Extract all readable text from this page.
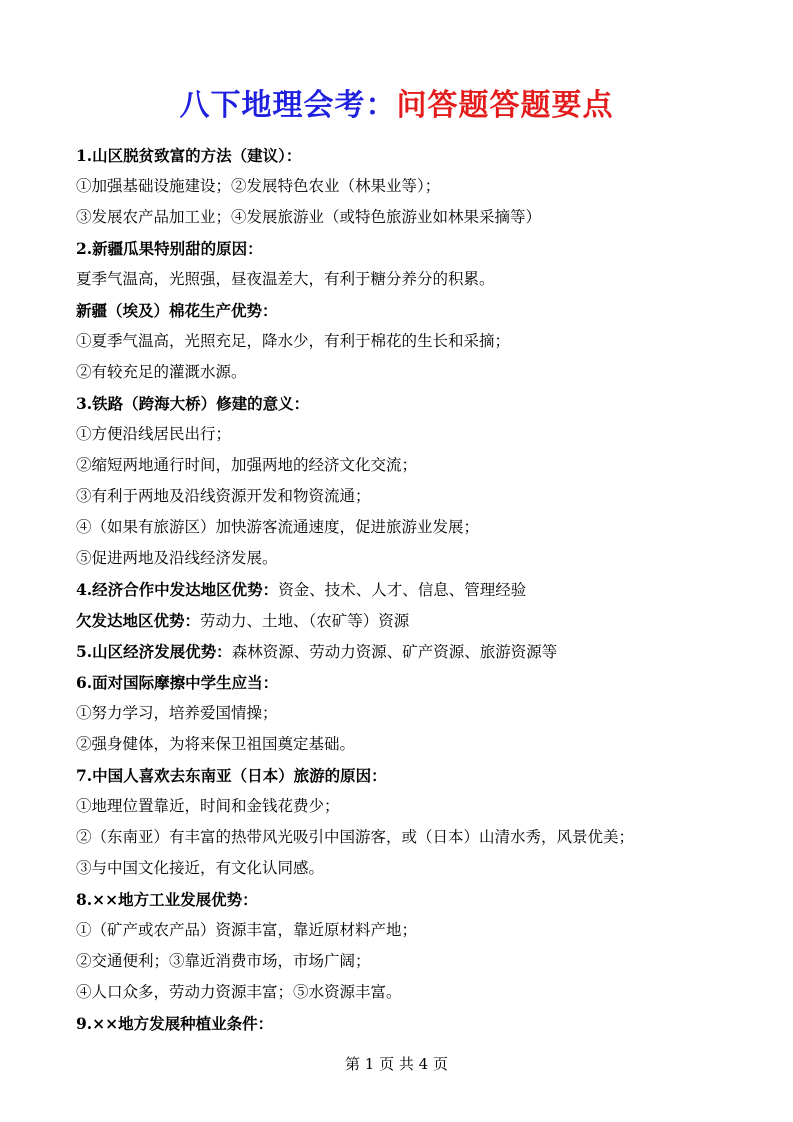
八下地理会考：问答题答题要点
1.山区脱贫致富的方法（建议）：
①加强基础设施建设；②发展特色农业（林果业等）；
③发展农产品加工业；④发展旅游业（或特色旅游业如林果采摘等）
2.新疆瓜果特别甜的原因：
夏季气温高，光照强，昼夜温差大，有利于糖分养分的积累。
新疆（埃及）棉花生产优势：
①夏季气温高，光照充足，降水少，有利于棉花的生长和采摘；
②有较充足的灌溉水源。
3.铁路（跨海大桥）修建的意义：
①方便沿线居民出行；
②缩短两地通行时间，加强两地的经济文化交流；
③有利于两地及沿线资源开发和物资流通；
④（如果有旅游区）加快游客流通速度，促进旅游业发展；
⑤促进两地及沿线经济发展。
4.经济合作中发达地区优势：资金、技术、人才、信息、管理经验
欠发达地区优势：劳动力、土地、（农矿等）资源
5.山区经济发展优势：森林资源、劳动力资源、矿产资源、旅游资源等
6.面对国际摩擦中学生应当：
①努力学习，培养爱国情操；
②强身健体，为将来保卫祖国奠定基础。
7.中国人喜欢去东南亚（日本）旅游的原因：
①地理位置靠近，时间和金钱花费少；
②（东南亚）有丰富的热带风光吸引中国游客，或（日本）山清水秀，风景优美；
③与中国文化接近，有文化认同感。
8.××地方工业发展优势：
①（矿产或农产品）资源丰富，靠近原材料产地；
②交通便利；③靠近消费市场，市场广阔；
④人口众多，劳动力资源丰富；⑤水资源丰富。
9.××地方发展种植业条件：
第 1 页 共 4 页
